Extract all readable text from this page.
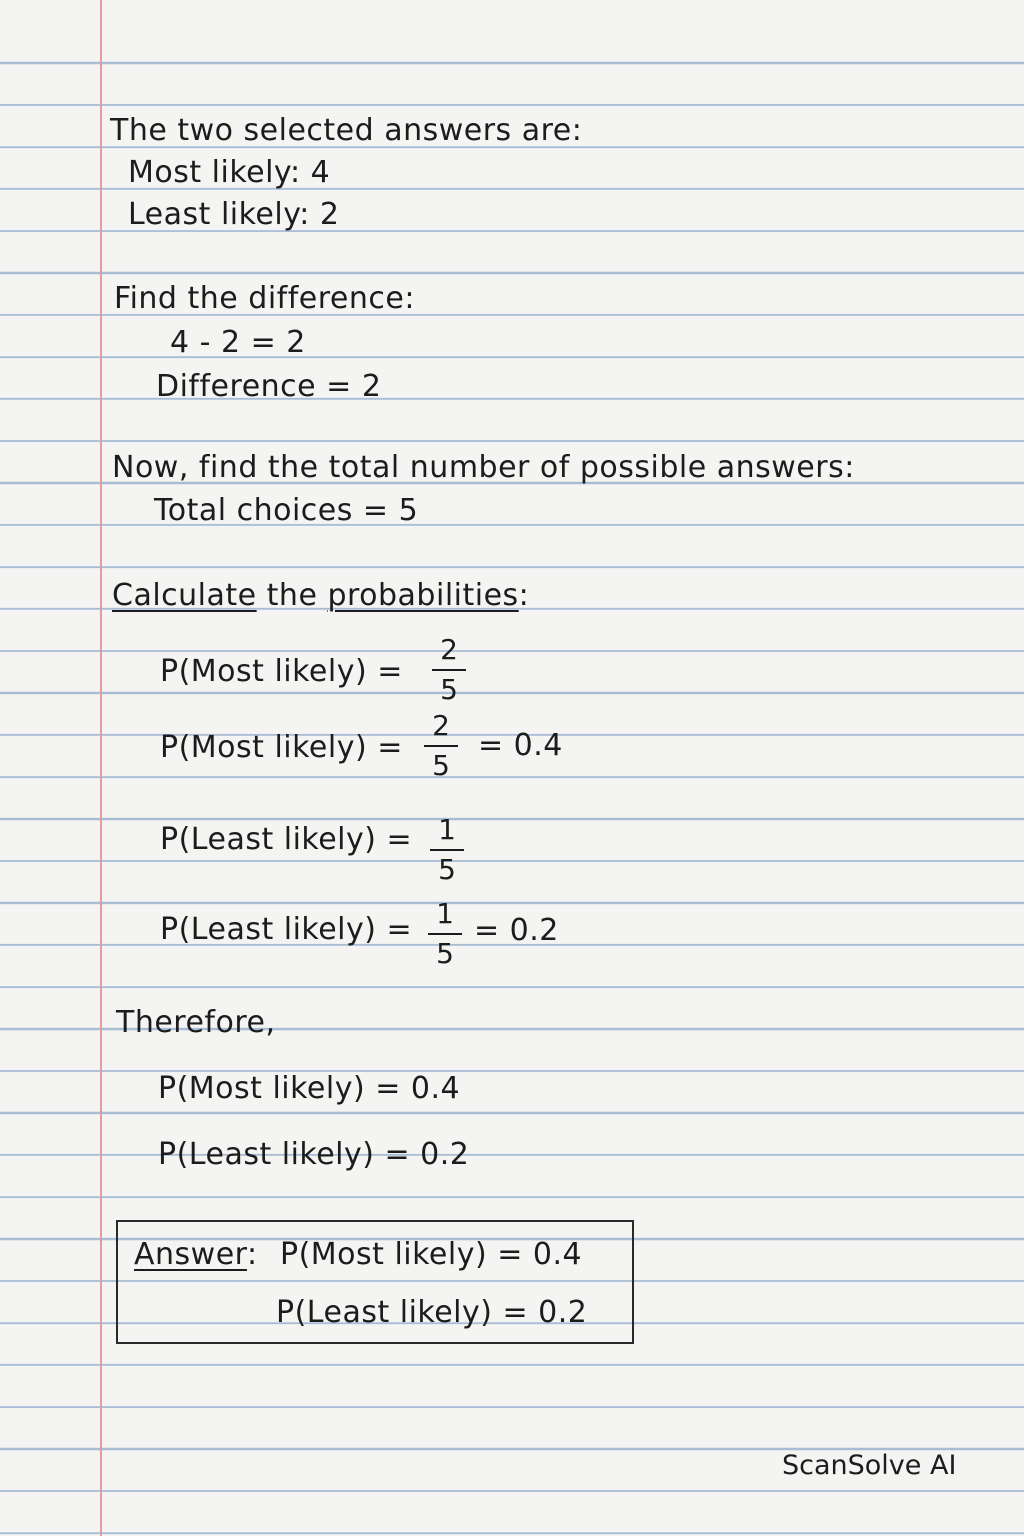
The two selected answers are:
Most likely: 4
Least likely: 2
Find the difference:
4 - 2 = 2
Difference = 2
Now, find the total number of possible answers:
Total choices = 5
Calculate the probabilities:
P(Most likely) =
2
5
P(Most likely) =
2
5
= 0.4
P(Least likely) = 1
5
P(Least likely) = 1
5
= 0.2
Therefore,
P(Most likely) = 0.4
P(Least likely) = 0.2
Answer: P(Most likely) = 0.4
P(Least likely) = 0.2
ScanSolve AI
